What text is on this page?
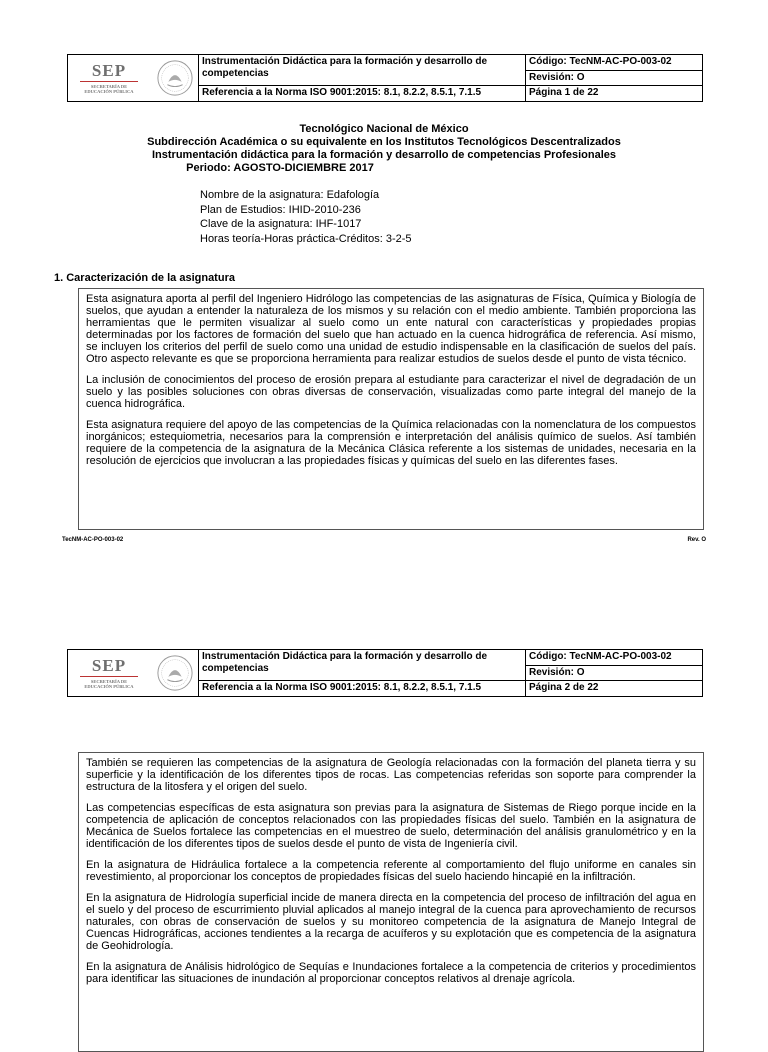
SEP
SECRETARÍA DE
EDUCACIÓN PÚBLICA	Instrumentación Didáctica para la formación y desarrollo de competencias	Código: TecNM-AC-PO-003-02
		Revisión: O
	Referencia a la Norma ISO 9001:2015: 8.1, 8.2.2, 8.5.1, 7.1.5	Página 1 de 22
Tecnológico Nacional de México
Subdirección Académica o su equivalente en los Institutos Tecnológicos Descentralizados
Instrumentación didáctica para la formación y desarrollo de competencias Profesionales
Periodo: AGOSTO-DICIEMBRE 2017
Nombre de la asignatura: Edafología
Plan de Estudios: IHID-2010-236
Clave de la asignatura: IHF-1017
Horas teoría-Horas práctica-Créditos: 3-2-5
1. Caracterización de la asignatura

Esta asignatura aporta al perfil del Ingeniero Hidrólogo las competencias de las asignaturas de Física, Química y Biología de suelos, que ayudan a entender la naturaleza de los mismos y su relación con el medio ambiente. También proporciona las herramientas que le permiten visualizar al suelo como un ente natural con características y propiedades propias determinadas por los factores de formación del suelo que han actuado en la cuenca hidrográfica de referencia. Así mismo, se incluyen los criterios del perfil de suelo como una unidad de estudio indispensable en la clasificación de suelos del país. Otro aspecto relevante es que se proporciona herramienta para realizar estudios de suelos desde el punto de vista técnico.

La inclusión de conocimientos del proceso de erosión prepara al estudiante para caracterizar el nivel de degradación de un suelo y las posibles soluciones con obras diversas de conservación, visualizadas como parte integral del manejo de la cuenca hidrográfica.

Esta asignatura requiere del apoyo de las competencias de la Química relacionadas con la nomenclatura de los compuestos inorgánicos; estequiometria, necesarios para la comprensión e interpretación del análisis químico de suelos. Así también requiere de la competencia de la asignatura de la Mecánica Clásica referente a los sistemas de unidades, necesaria en la resolución de ejercicios que involucran a las propiedades físicas y químicas del suelo en las diferentes fases.

TecNM-AC-PO-003-02	Rev. O
SEP
SECRETARÍA DE
EDUCACIÓN PÚBLICA	Instrumentación Didáctica para la formación y desarrollo de competencias	Código: TecNM-AC-PO-003-02
		Revisión: O
	Referencia a la Norma ISO 9001:2015: 8.1, 8.2.2, 8.5.1, 7.1.5	Página 2 de 22

También se requieren las competencias de la asignatura de Geología relacionadas con la formación del planeta tierra y su superficie y la identificación de los diferentes tipos de rocas. Las competencias referidas son soporte para comprender la estructura de la litosfera y el origen del suelo.

Las competencias específicas de esta asignatura son previas para la asignatura de Sistemas de Riego porque incide en la competencia de aplicación de conceptos relacionados con las propiedades físicas del suelo. También en la asignatura de Mecánica de Suelos fortalece las competencias en el muestreo de suelo, determinación del análisis granulométrico y en la identificación de los diferentes tipos de suelos desde el punto de vista de Ingeniería civil.

En la asignatura de Hidráulica fortalece a la competencia referente al comportamiento del flujo uniforme en canales sin revestimiento, al proporcionar los conceptos de propiedades físicas del suelo haciendo hincapié en la infiltración.

En la asignatura de Hidrología superficial incide de manera directa en la competencia del proceso de infiltración del agua en el suelo y del proceso de escurrimiento pluvial aplicados al manejo integral de la cuenca para aprovechamiento de recursos naturales, con obras de conservación de suelos y su monitoreo competencia de la asignatura de Manejo Integral de Cuencas Hidrográficas, acciones tendientes a la recarga de acuíferos y su explotación que es competencia de la asignatura de Geohidrología.

En la asignatura de Análisis hidrológico de Sequías e Inundaciones fortalece a la competencia de criterios y procedimientos para identificar las situaciones de inundación al proporcionar conceptos relativos al drenaje agrícola.
